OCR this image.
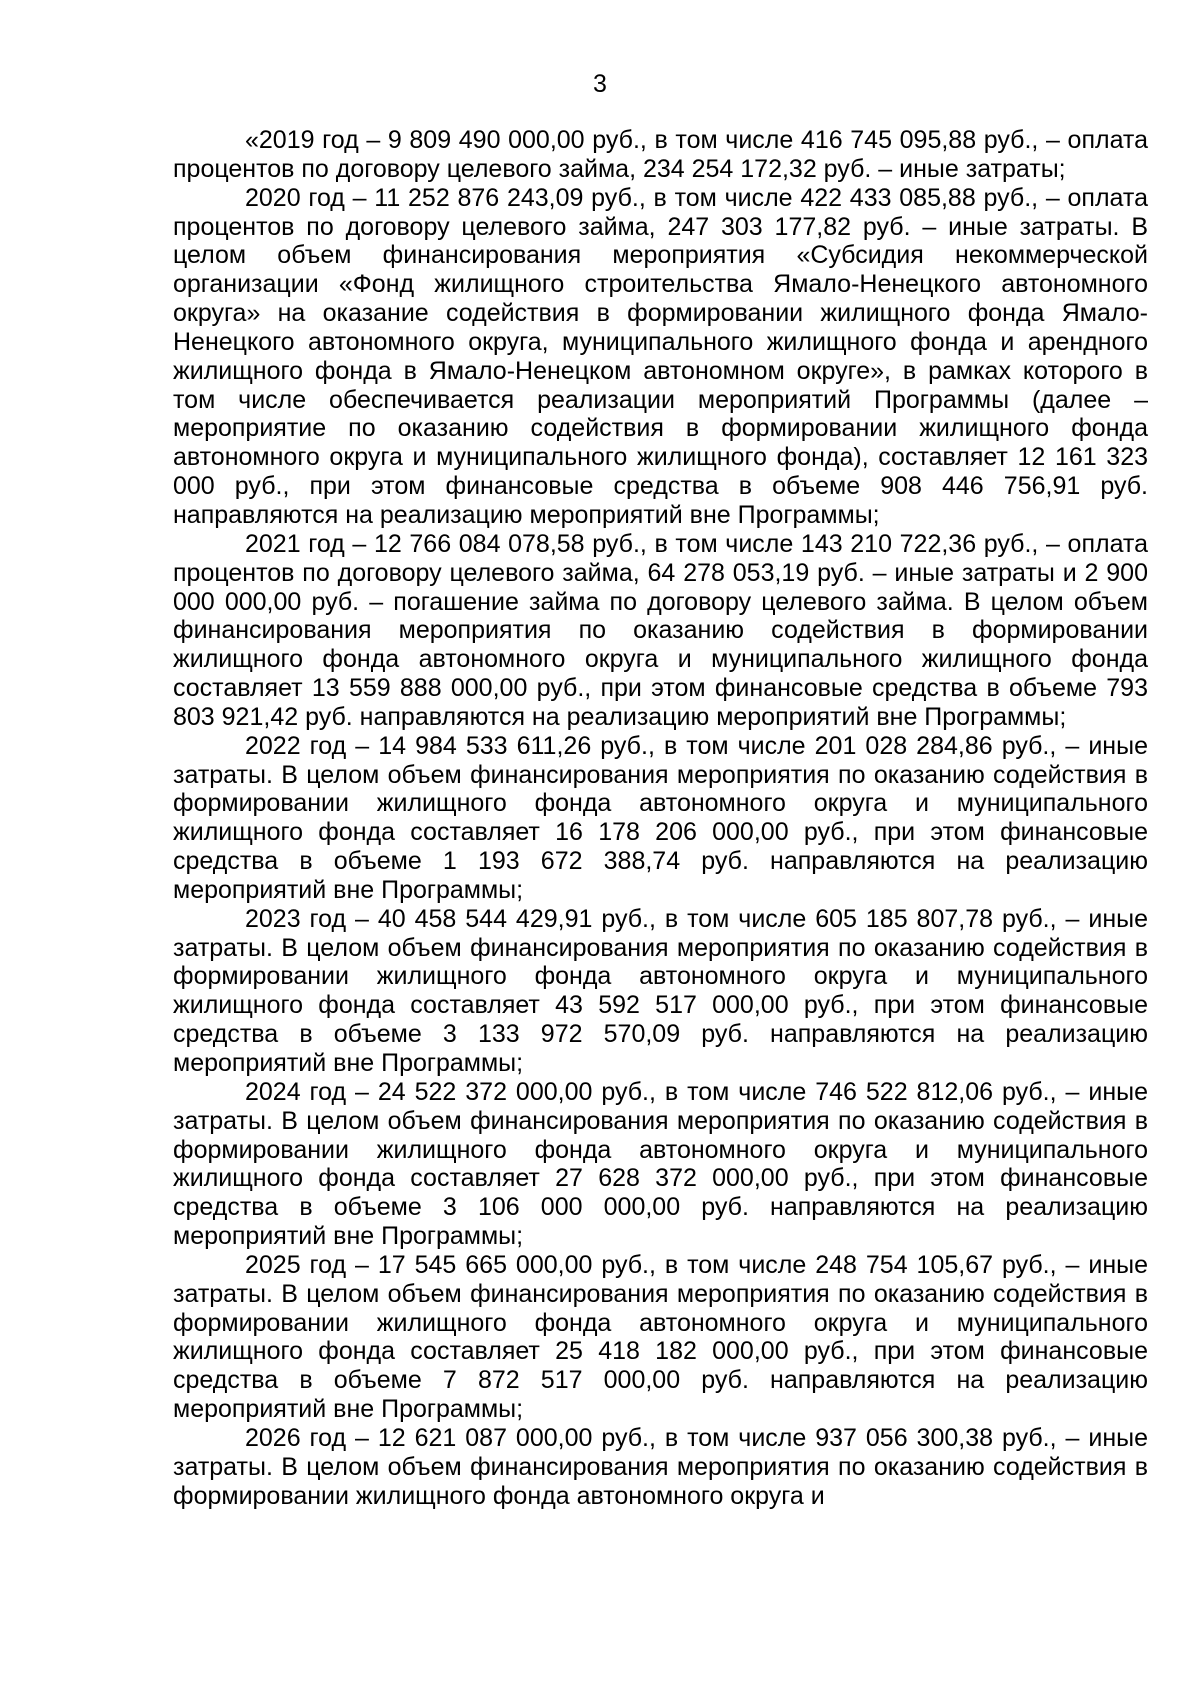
3

«2019 год – 9 809 490 000,00 руб., в том числе 416 745 095,88 руб., – оплата процентов по договору целевого займа, 234 254 172,32 руб. – иные затраты;

2020 год – 11 252 876 243,09 руб., в том числе 422 433 085,88 руб., – оплата процентов по договору целевого займа, 247 303 177,82 руб. – иные затраты. В целом объем финансирования мероприятия «Субсидия некоммерческой организации «Фонд жилищного строительства Ямало-Ненецкого автономного округа» на оказание содействия в формировании жилищного фонда Ямало-Ненецкого автономного округа, муниципального жилищного фонда и арендного жилищного фонда в Ямало-Ненецком автономном округе», в рамках которого в том числе обеспечивается реализации мероприятий Программы (далее – мероприятие по оказанию содействия в формировании жилищного фонда автономного округа и муниципального жилищного фонда), составляет 12 161 323 000 руб., при этом финансовые средства в объеме 908 446 756,91 руб. направляются на реализацию мероприятий вне Программы;

2021 год – 12 766 084 078,58 руб., в том числе 143 210 722,36 руб., – оплата процентов по договору целевого займа, 64 278 053,19 руб. – иные затраты и 2 900 000 000,00 руб. – погашение займа по договору целевого займа. В целом объем финансирования мероприятия по оказанию содействия в формировании жилищного фонда автономного округа и муниципального жилищного фонда составляет 13 559 888 000,00 руб., при этом финансовые средства в объеме 793 803 921,42 руб. направляются на реализацию мероприятий вне Программы;

2022 год – 14 984 533 611,26 руб., в том числе 201 028 284,86 руб., – иные затраты. В целом объем финансирования мероприятия по оказанию содействия в формировании жилищного фонда автономного округа и муниципального жилищного фонда составляет 16 178 206 000,00 руб., при этом финансовые средства в объеме 1 193 672 388,74 руб. направляются на реализацию мероприятий вне Программы;

2023 год – 40 458 544 429,91 руб., в том числе 605 185 807,78 руб., – иные затраты. В целом объем финансирования мероприятия по оказанию содействия в формировании жилищного фонда автономного округа и муниципального жилищного фонда составляет 43 592 517 000,00 руб., при этом финансовые средства в объеме 3 133 972 570,09 руб. направляются на реализацию мероприятий вне Программы;

2024 год – 24 522 372 000,00 руб., в том числе 746 522 812,06 руб., – иные затраты. В целом объем финансирования мероприятия по оказанию содействия в формировании жилищного фонда автономного округа и муниципального жилищного фонда составляет 27 628 372 000,00 руб., при этом финансовые средства в объеме 3 106 000 000,00 руб. направляются на реализацию мероприятий вне Программы;

2025 год – 17 545 665 000,00 руб., в том числе 248 754 105,67 руб., – иные затраты. В целом объем финансирования мероприятия по оказанию содействия в формировании жилищного фонда автономного округа и муниципального жилищного фонда составляет 25 418 182 000,00 руб., при этом финансовые средства в объеме 7 872 517 000,00 руб. направляются на реализацию мероприятий вне Программы;

2026 год – 12 621 087 000,00 руб., в том числе 937 056 300,38 руб., – иные затраты. В целом объем финансирования мероприятия по оказанию содействия в формировании жилищного фонда автономного округа и
